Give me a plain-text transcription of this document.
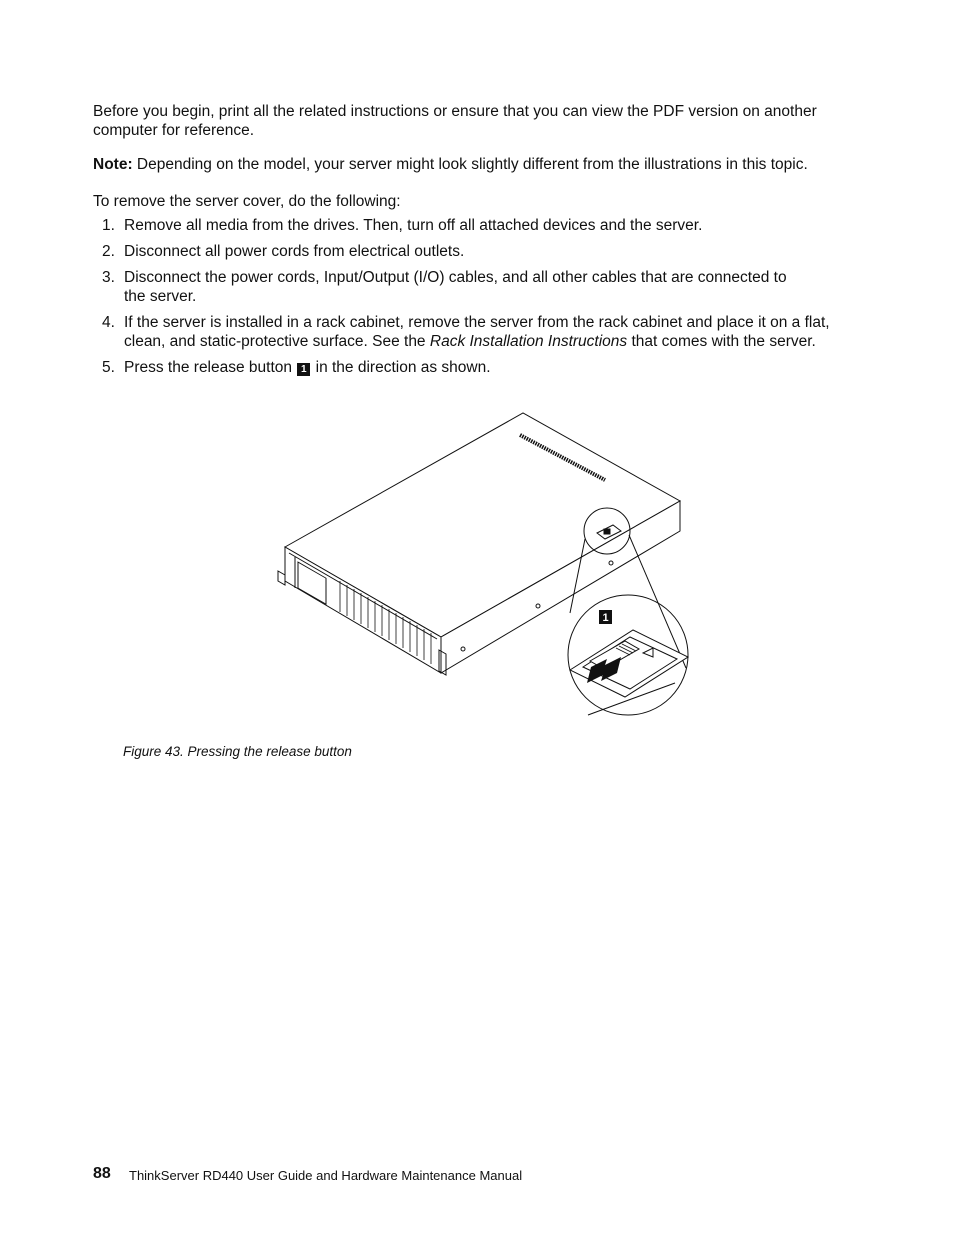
Before you begin, print all the related instructions or ensure that you can view the PDF version on another computer for reference.

Note: Depending on the model, your server might look slightly different from the illustrations in this topic.

To remove the server cover, do the following:

1. Remove all media from the drives. Then, turn off all attached devices and the server.
2. Disconnect all power cords from electrical outlets.
3. Disconnect the power cords, Input/Output (I/O) cables, and all other cables that are connected to
the server.
4. If the server is installed in a rack cabinet, remove the server from the rack cabinet and place it on a flat, clean, and static-protective surface. See the Rack Installation Instructions that comes with the server.
5. Press the release button 1 in the direction as shown.
1
Figure 43. Pressing the release button
88 ThinkServer RD440 User Guide and Hardware Maintenance Manual
